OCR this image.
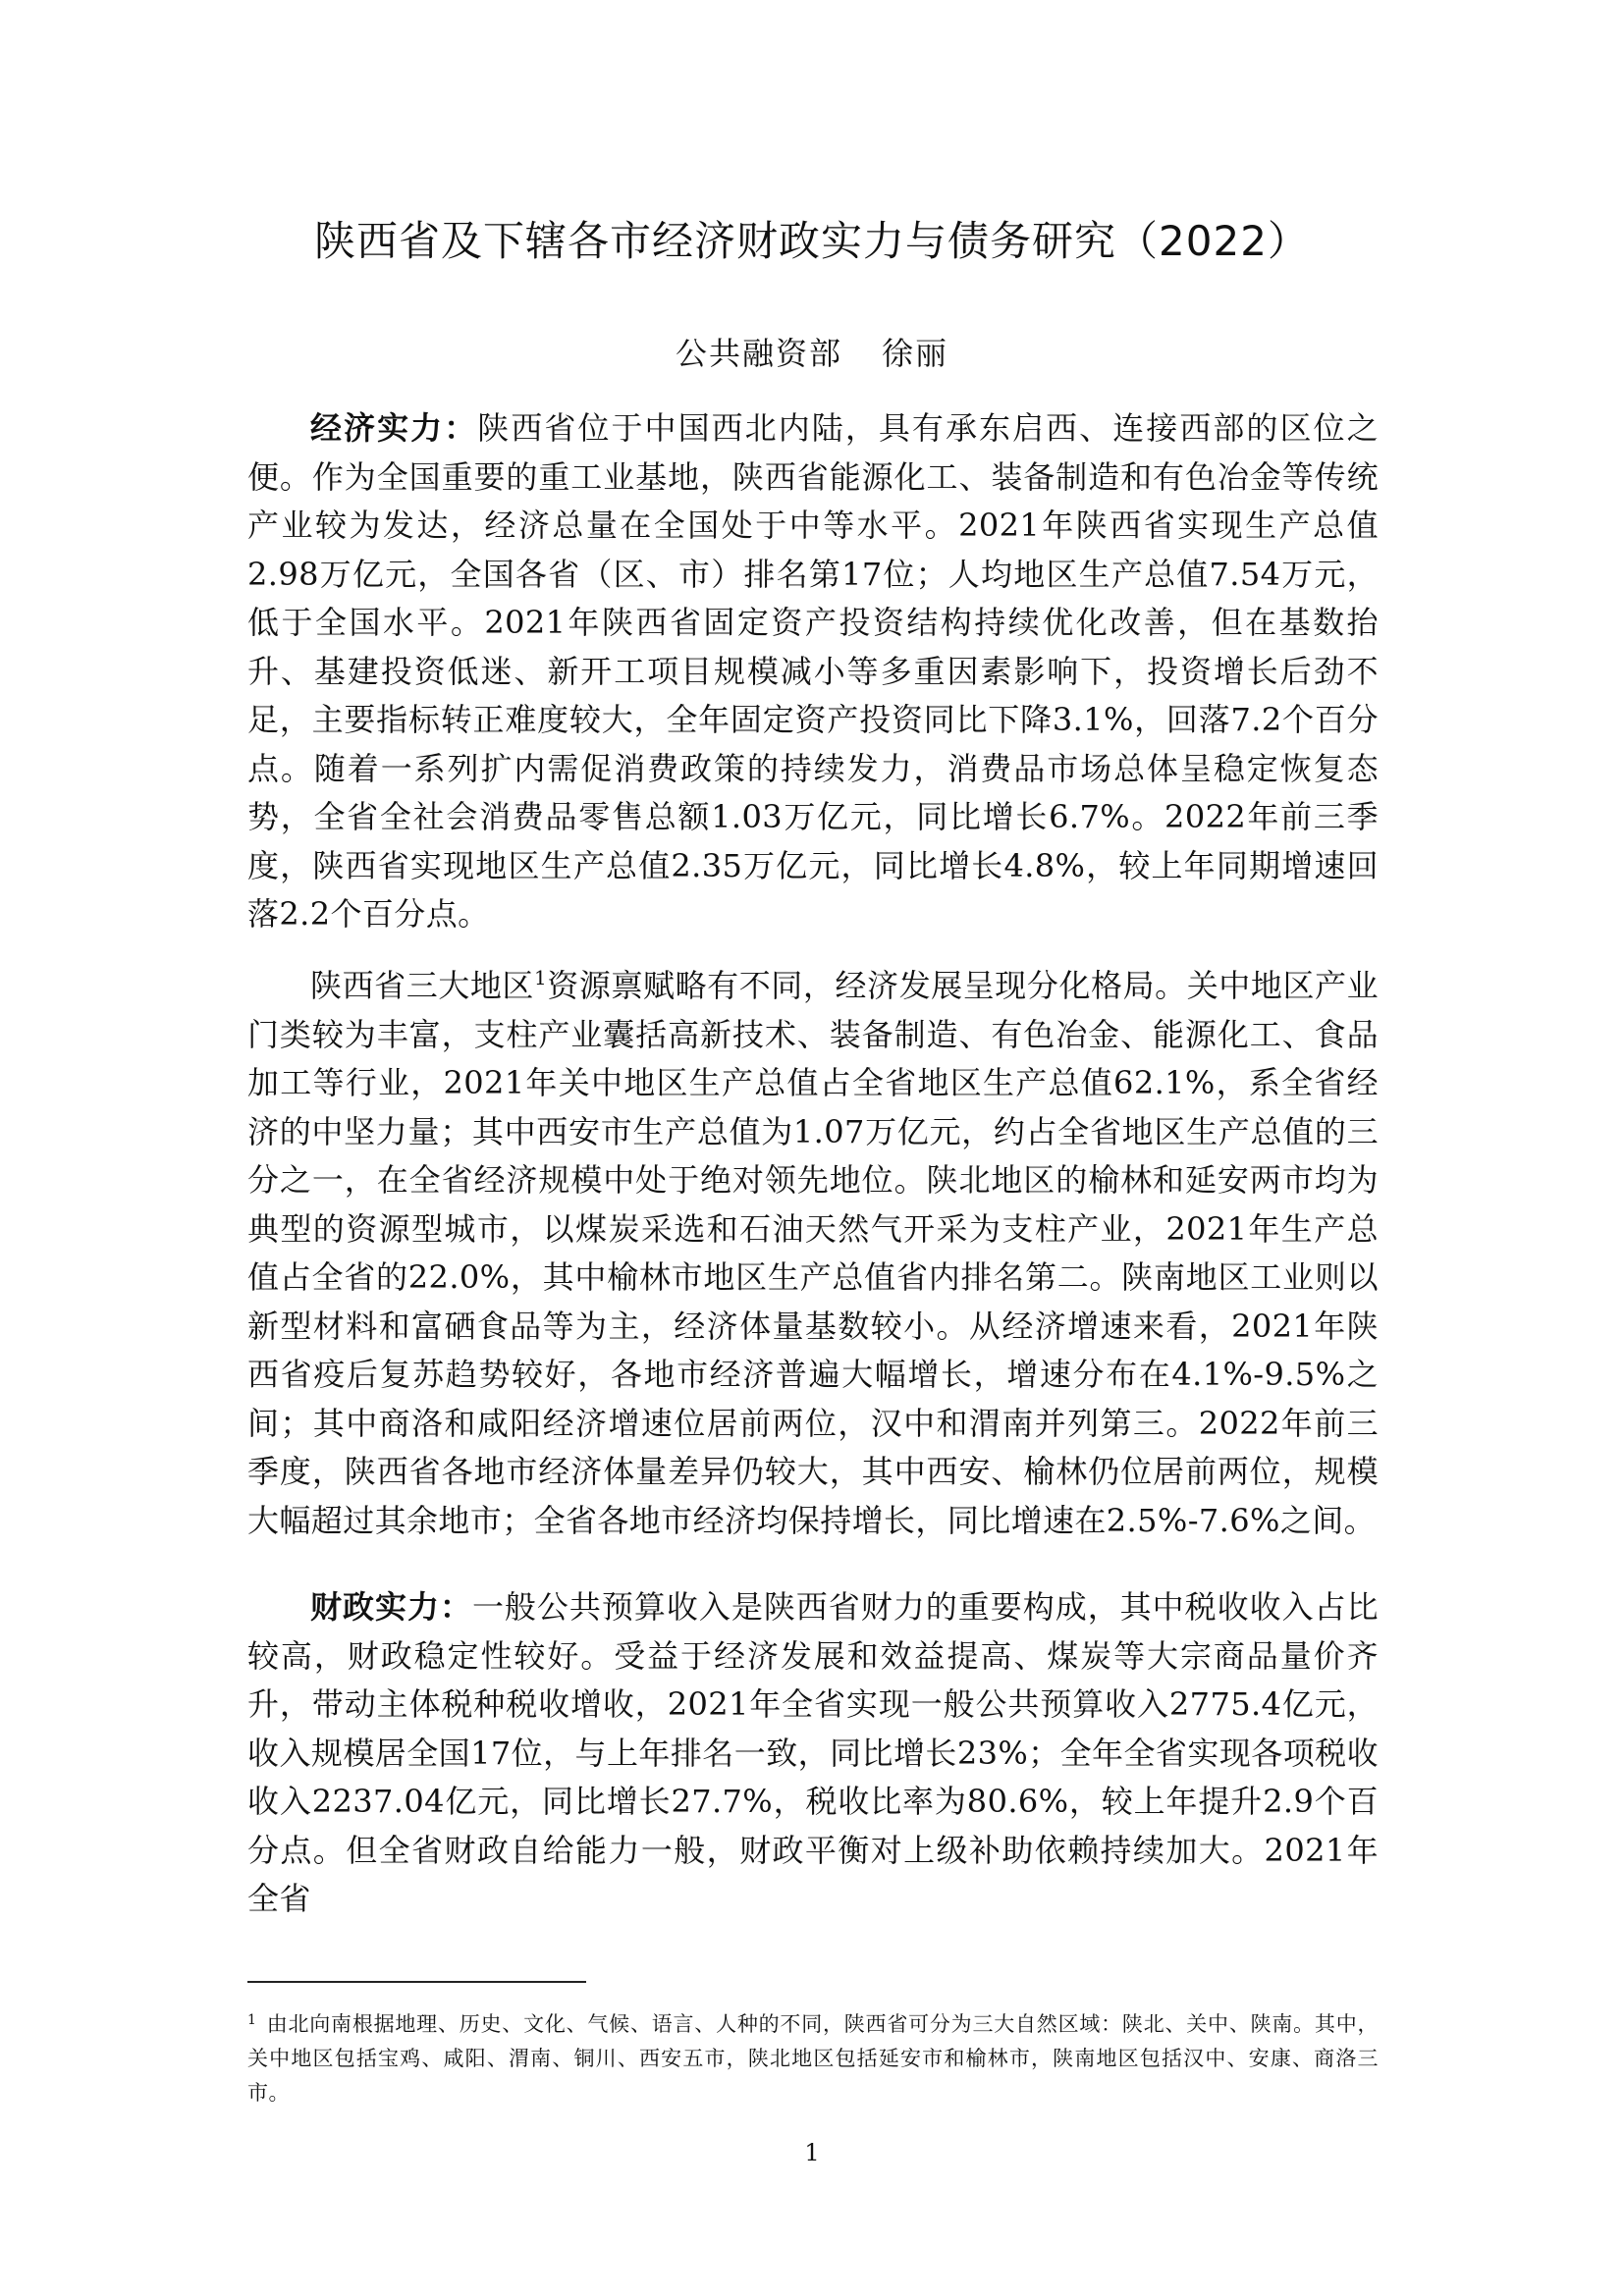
陕西省及下辖各市经济财政实力与债务研究（2022）
公共融资部 徐丽

经济实力：陕西省位于中国西北内陆，具有承东启西、连接西部的区位之便。作为全国重要的重工业基地，陕西省能源化工、装备制造和有色冶金等传统产业较为发达，经济总量在全国处于中等水平。2021年陕西省实现生产总值2.98万亿元，全国各省（区、市）排名第17位；人均地区生产总值7.54万元，低于全国水平。2021年陕西省固定资产投资结构持续优化改善，但在基数抬升、基建投资低迷、新开工项目规模减小等多重因素影响下，投资增长后劲不足，主要指标转正难度较大，全年固定资产投资同比下降3.1%，回落7.2个百分点。随着一系列扩内需促消费政策的持续发力，消费品市场总体呈稳定恢复态势，全省全社会消费品零售总额1.03万亿元，同比增长6.7%。2022年前三季度，陕西省实现地区生产总值2.35万亿元，同比增长4.8%，较上年同期增速回落2.2个百分点。

陕西省三大地区$^1$资源禀赋略有不同，经济发展呈现分化格局。关中地区产业门类较为丰富，支柱产业囊括高新技术、装备制造、有色冶金、能源化工、食品加工等行业，2021年关中地区生产总值占全省地区生产总值62.1%，系全省经济的中坚力量；其中西安市生产总值为1.07万亿元，约占全省地区生产总值的三分之一，在全省经济规模中处于绝对领先地位。陕北地区的榆林和延安两市均为典型的资源型城市，以煤炭采选和石油天然气开采为支柱产业，2021年生产总值占全省的22.0%，其中榆林市地区生产总值省内排名第二。陕南地区工业则以新型材料和富硒食品等为主，经济体量基数较小。从经济增速来看，2021年陕西省疫后复苏趋势较好，各地市经济普遍大幅增长，增速分布在4.1%-9.5%之间；其中商洛和咸阳经济增速位居前两位，汉中和渭南并列第三。2022年前三季度，陕西省各地市经济体量差异仍较大，其中西安、榆林仍位居前两位，规模大幅超过其余地市；全省各地市经济均保持增长，同比增速在2.5%-7.6%之间。

财政实力：一般公共预算收入是陕西省财力的重要构成，其中税收收入占比较高，财政稳定性较好。受益于经济发展和效益提高、煤炭等大宗商品量价齐升，带动主体税种税收增收，2021年全省实现一般公共预算收入2775.4亿元，收入规模居全国17位，与上年排名一致，同比增长23%；全年全省实现各项税收收入2237.04亿元，同比增长27.7%，税收比率为80.6%，较上年提升2.9个百分点。但全省财政自给能力一般，财政平衡对上级补助依赖持续加大。2021年全省

$^1$ 由北向南根据地理、历史、文化、气候、语言、人种的不同，陕西省可分为三大自然区域：陕北、关中、陕南。其中，关中地区包括宝鸡、咸阳、渭南、铜川、西安五市，陕北地区包括延安市和榆林市，陕南地区包括汉中、安康、商洛三市。

1
